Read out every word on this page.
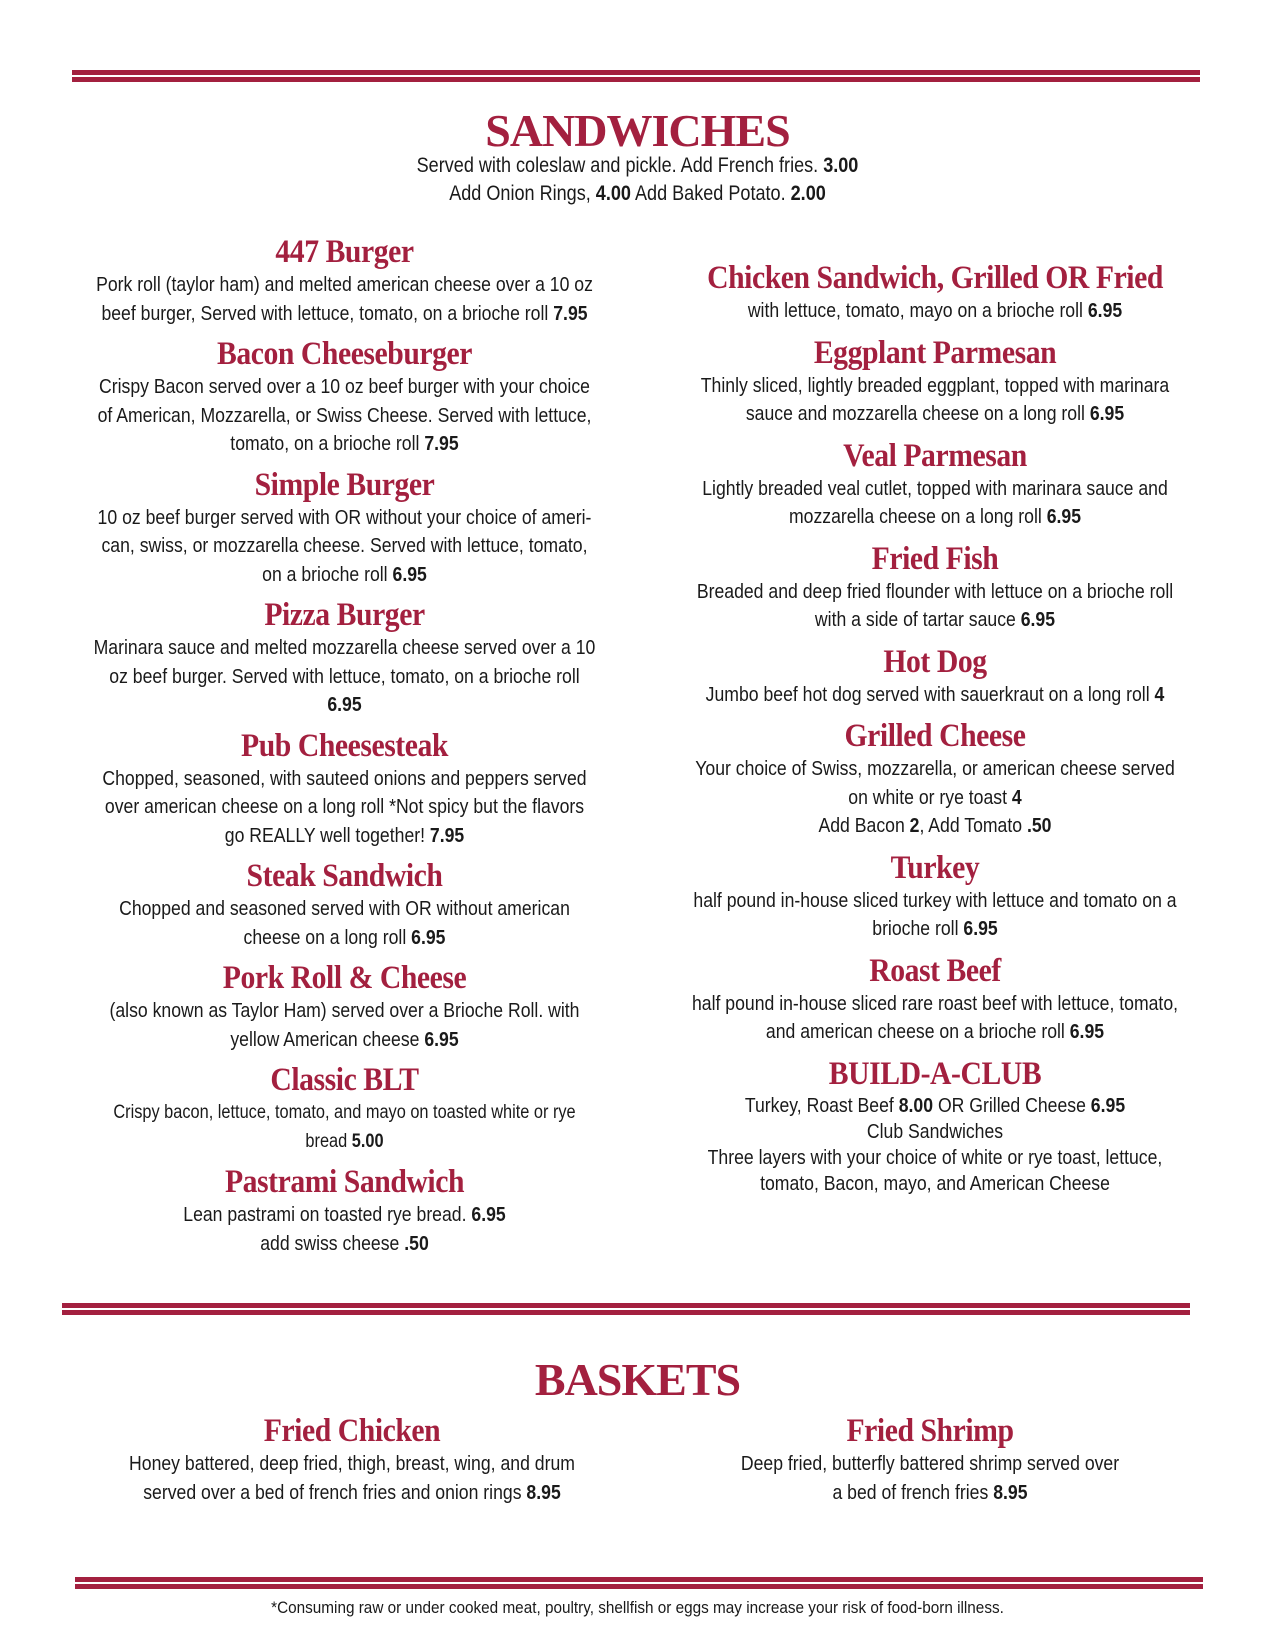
SANDWICHES
Served with coleslaw and pickle. Add French fries. 3.00
Add Onion Rings, 4.00 Add Baked Potato. 2.00
447 Burger

Pork roll (taylor ham) and melted american cheese over a 10 oz beef burger, Served with lettuce, tomato, on a brioche roll 7.95

Bacon Cheeseburger

Crispy Bacon served over a 10 oz beef burger with your choice of American, Mozzarella, or Swiss Cheese. Served with lettuce, tomato, on a brioche roll 7.95

Simple Burger

10 oz beef burger served with OR without your choice of ameri-can, swiss, or mozzarella cheese. Served with lettuce, tomato, on a brioche roll 6.95

Pizza Burger

Marinara sauce and melted mozzarella cheese served over a 10 oz beef burger. Served with lettuce, tomato, on a brioche roll 6.95

Pub Cheesesteak

Chopped, seasoned, with sauteed onions and peppers served over american cheese on a long roll *Not spicy but the flavors go REALLY well together! 7.95

Steak Sandwich

Chopped and seasoned served with OR without american cheese on a long roll 6.95

Pork Roll & Cheese

(also known as Taylor Ham) served over a Brioche Roll. with yellow American cheese 6.95

Classic BLT

Crispy bacon, lettuce, tomato, and mayo on toasted white or rye bread 5.00

Pastrami Sandwich

Lean pastrami on toasted rye bread. 6.95
add swiss cheese .50

Chicken Sandwich, Grilled OR Fried

with lettuce, tomato, mayo on a brioche roll 6.95

Eggplant Parmesan

Thinly sliced, lightly breaded eggplant, topped with marinara sauce and mozzarella cheese on a long roll 6.95

Veal Parmesan

Lightly breaded veal cutlet, topped with marinara sauce and mozzarella cheese on a long roll 6.95

Fried Fish

Breaded and deep fried flounder with lettuce on a brioche roll with a side of tartar sauce 6.95

Hot Dog

Jumbo beef hot dog served with sauerkraut on a long roll 4

Grilled Cheese

Your choice of Swiss, mozzarella, or american cheese served on white or rye toast 4
Add Bacon 2, Add Tomato .50

Turkey

half pound in-house sliced turkey with lettuce and tomato on a brioche roll 6.95

Roast Beef

half pound in-house sliced rare roast beef with lettuce, tomato, and american cheese on a brioche roll 6.95

BUILD-A-CLUB

Turkey, Roast Beef 8.00 OR Grilled Cheese 6.95
Club Sandwiches
Three layers with your choice of white or rye toast, lettuce, tomato, Bacon, mayo, and American Cheese

BASKETS
Fried Chicken

Honey battered, deep fried, thigh, breast, wing, and drum
served over a bed of french fries and onion rings 8.95

Fried Shrimp

Deep fried, butterfly battered shrimp served over
a bed of french fries 8.95

*Consuming raw or under cooked meat, poultry, shellfish or eggs may increase your risk of food-born illness.
